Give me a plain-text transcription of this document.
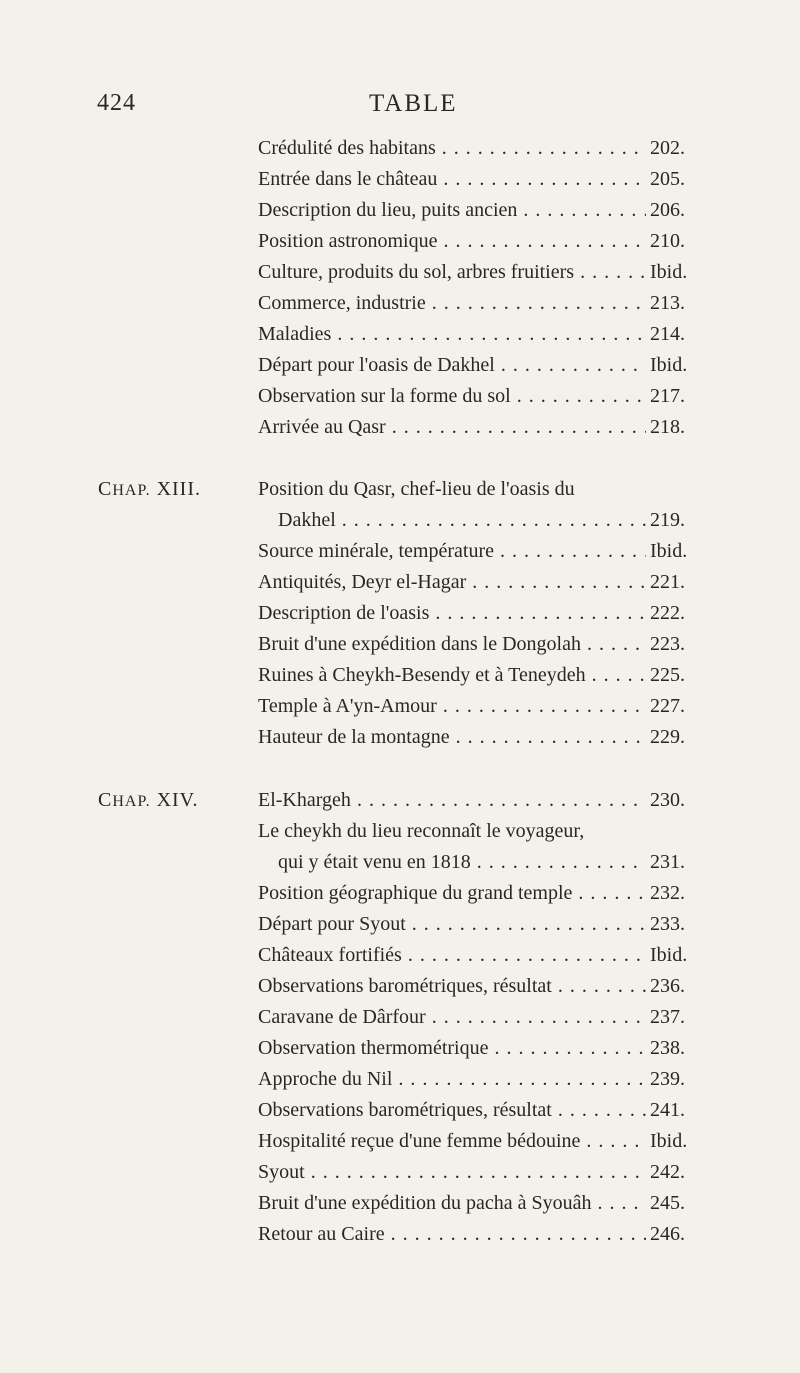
424	TABLE
Crédulité des habitans . . .	202.
Entrée dans le château . . .	205.
Description du lieu, puits ancien . . .	206.
Position astronomique . . .	210.
Culture, produits du sol, arbres fruitiers . . .	Ibid.
Commerce, industrie . . .	213.
Maladies . . .	214.
Départ pour l'oasis de Dakhel . . .	Ibid.
Observation sur la forme du sol . . .	217.
Arrivée au Qasr . . .	218.
CHAP. XIII.	Position du Qasr, chef-lieu de l'oasis du
Dakhel . . .	219.
Source minérale, température . . .	Ibid.
Antiquités, Deyr el-Hagar . . .	221.
Description de l'oasis . . .	222.
Bruit d'une expédition dans le Dongolah . . .	223.
Ruines à Cheykh-Besendy et à Teneydeh . . .	225.
Temple à A'yn-Amour . . .	227.
Hauteur de la montagne . . .	229.
CHAP. XIV.	El-Khargeh . . .	230.
Le cheykh du lieu reconnaît le voyageur,
qui y était venu en 1818 . . .	231.
Position géographique du grand temple . . .	232.
Départ pour Syout . . .	233.
Châteaux fortifiés . . .	Ibid.
Observations barométriques, résultat . . .	236.
Caravane de Dârfour . . .	237.
Observation thermométrique . . .	238.
Approche du Nil . . .	239.
Observations barométriques, résultat . . .	241.
Hospitalité reçue d'une femme bédouine . . .	Ibid.
Syout . . .	242.
Bruit d'une expédition du pacha à Syouâh . . .	245.
Retour au Caire . . .	246.
